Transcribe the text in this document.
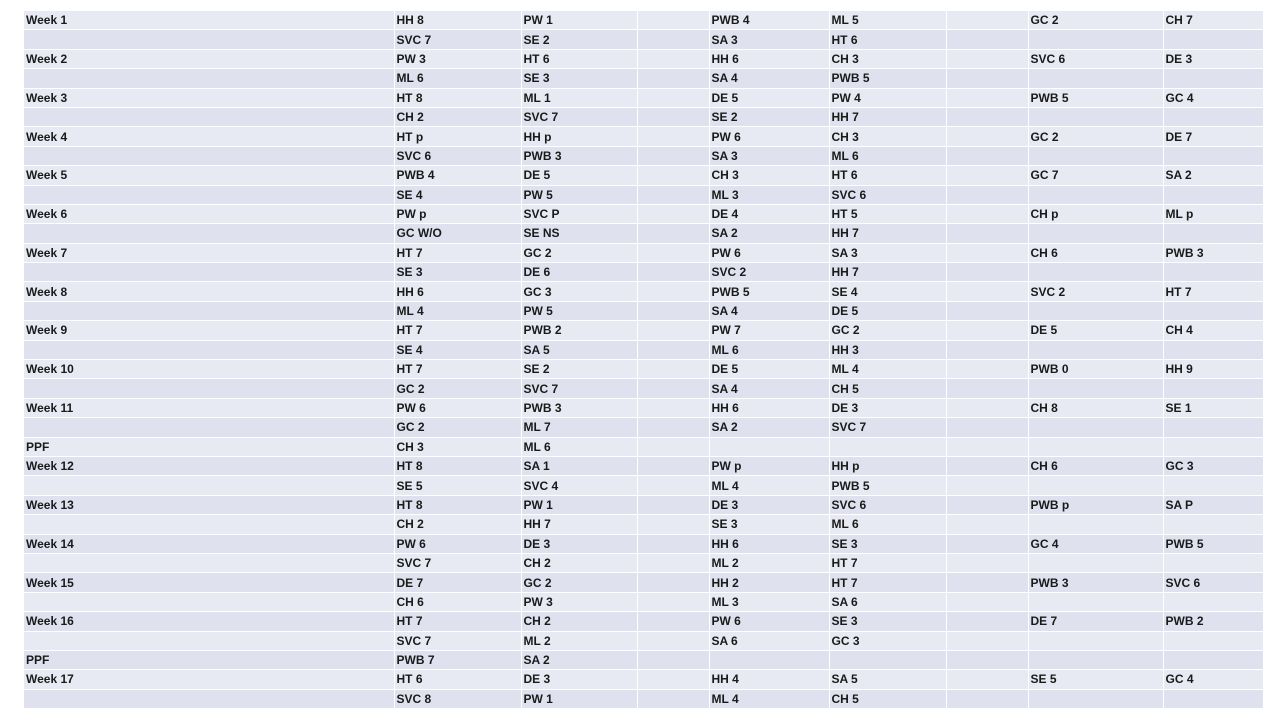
Week 1	HH 8	PW 1		PWB 4	ML 5		GC 2	CH 7
	SVC 7	SE 2		SA 3	HT 6			
Week 2	PW 3	HT 6		HH 6	CH 3		SVC 6	DE 3
	ML 6	SE 3		SA 4	PWB 5			
Week 3	HT 8	ML 1		DE 5	PW 4		PWB 5	GC 4
	CH 2	SVC 7		SE 2	HH 7			
Week 4	HT p	HH p		PW 6	CH 3		GC 2	DE 7
	SVC 6	PWB 3		SA 3	ML 6			
Week 5	PWB 4	DE 5		CH 3	HT 6		GC 7	SA 2
	SE 4	PW 5		ML 3	SVC 6			
Week 6	PW p	SVC P		DE 4	HT 5		CH p	ML p
	GC W/O	SE NS		SA 2	HH 7			
Week 7	HT 7	GC 2		PW 6	SA 3		CH 6	PWB 3
	SE 3	DE 6		SVC 2	HH 7			
Week 8	HH 6	GC 3		PWB 5	SE 4		SVC 2	HT 7
	ML 4	PW 5		SA 4	DE 5			
Week 9	HT 7	PWB 2		PW 7	GC 2		DE 5	CH 4
	SE 4	SA 5		ML 6	HH 3			
Week 10	HT 7	SE 2		DE 5	ML 4		PWB 0	HH 9
	GC 2	SVC 7		SA 4	CH 5			
Week 11	PW 6	PWB 3		HH 6	DE 3		CH 8	SE 1
	GC 2	ML 7		SA 2	SVC 7			
PPF	CH 3	ML 6						
Week 12	HT 8	SA 1		PW p	HH p		CH 6	GC 3
	SE 5	SVC 4		ML 4	PWB 5			
Week 13	HT 8	PW 1		DE 3	SVC 6		PWB p	SA P
	CH 2	HH 7		SE 3	ML 6			
Week 14	PW 6	DE 3		HH 6	SE 3		GC 4	PWB 5
	SVC 7	CH 2		ML 2	HT 7			
Week 15	DE 7	GC 2		HH 2	HT 7		PWB 3	SVC 6
	CH 6	PW 3		ML 3	SA 6			
Week 16	HT 7	CH 2		PW 6	SE 3		DE 7	PWB 2
	SVC 7	ML 2		SA 6	GC 3			
PPF	PWB 7	SA 2						
Week 17	HT 6	DE 3		HH 4	SA 5		SE 5	GC 4
	SVC 8	PW 1		ML 4	CH 5			
